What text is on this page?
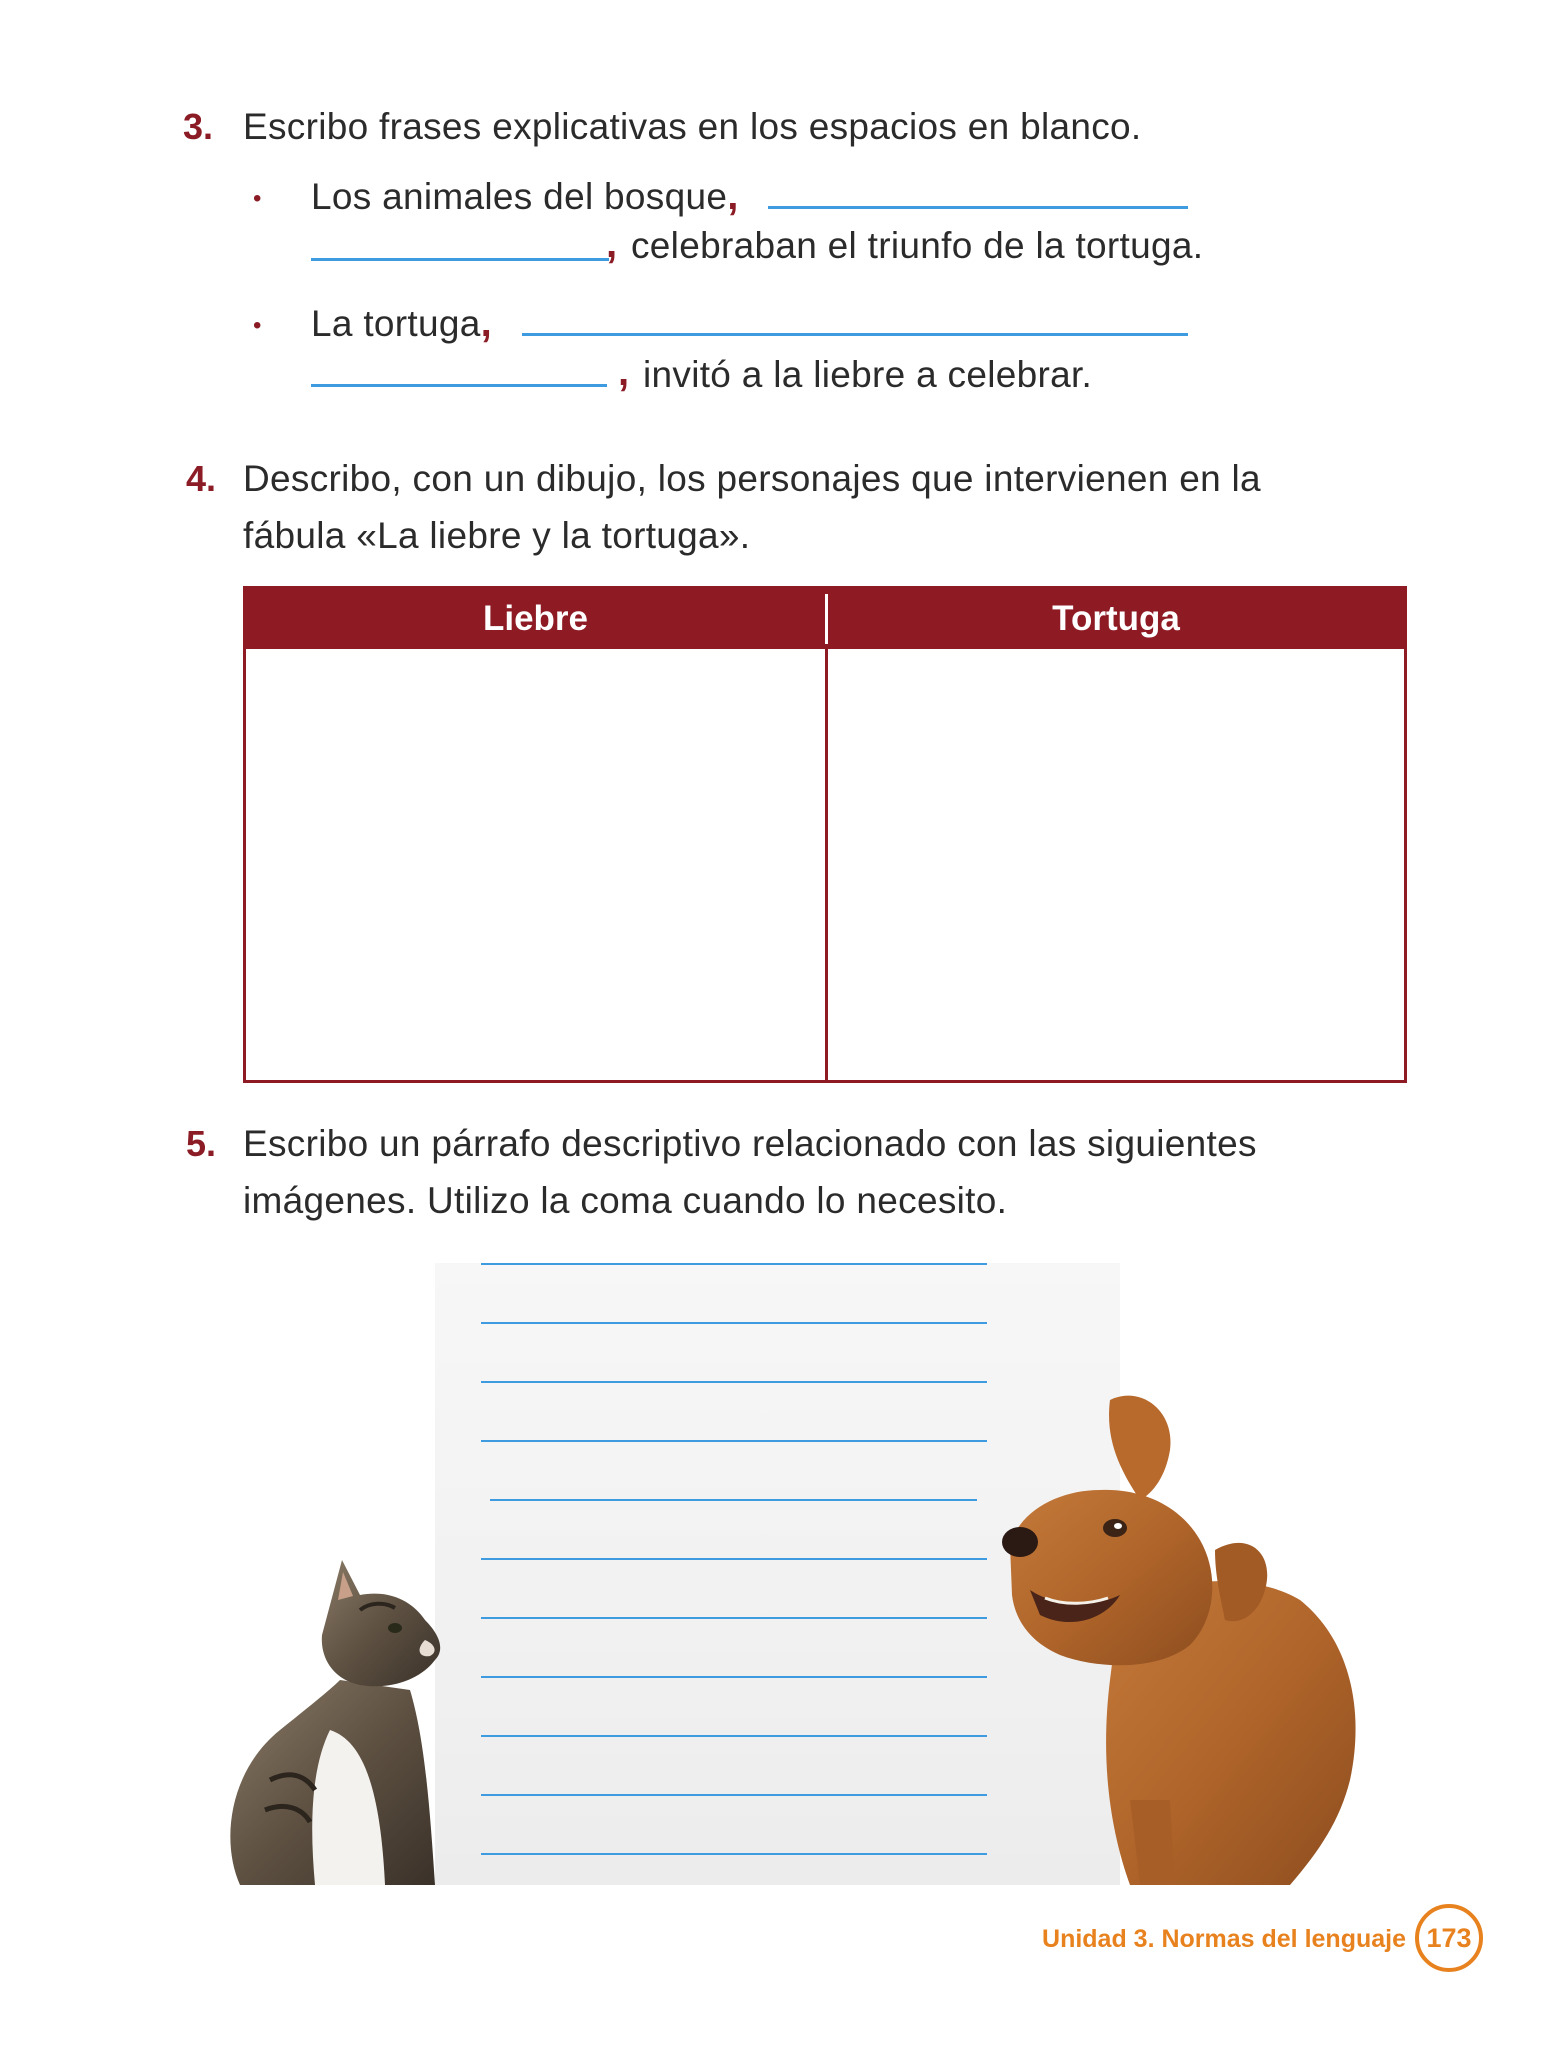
3. Escribo frases explicativas en los espacios en blanco.
• Los animales del bosque,
, celebraban el triunfo de la tortuga.
• La tortuga,
, invitó a la liebre a celebrar.
4. Describo, con un dibujo, los personajes que intervienen en la
fábula «La liebre y la tortuga».
Liebre	Tortuga
5. Escribo un párrafo descriptivo relacionado con las siguientes
imágenes. Utilizo la coma cuando lo necesito.
Unidad 3. Normas del lenguaje 173
